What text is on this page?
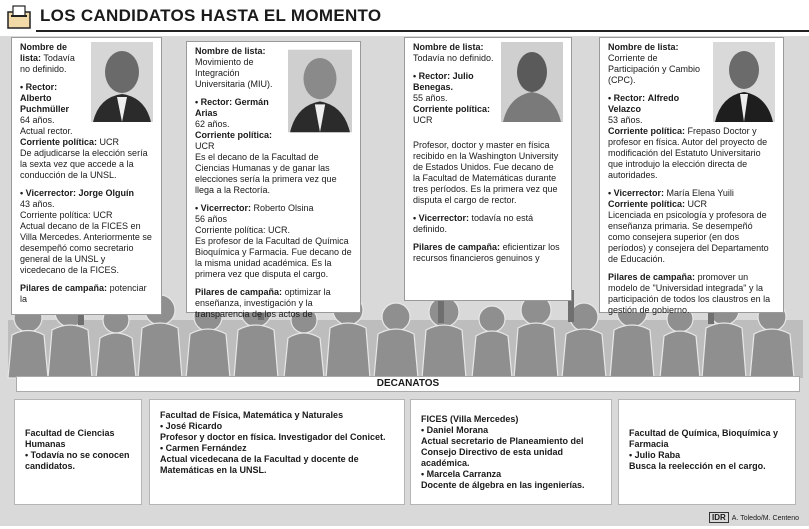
LOS CANDIDATOS HASTA EL MOMENTO

Nombre de lista: Todavía no definido.

• Rector: Alberto Puchmüller
64 años.
Actual rector.
Corriente política: UCR
De adjudicarse la elección sería la sexta vez que accede a la conducción de la UNSL.

• Vicerrector: Jorge Olguín
43 años.
Corriente política: UCR
Actual decano de la FICES en Villa Mercedes. Anteriormente se desempeñó como secretario general de la UNSL y vicedecano de la FICES.

Pilares de campaña: potenciar la

Nombre de lista:
Movimiento de Integración Universitaria (MIU).

• Rector: Germán Arias
62 años.
Corriente política: UCR
Es el decano de la Facultad de Ciencias Humanas y de ganar las elecciones sería la primera vez que llega a la Rectoría.

• Vicerrector: Roberto Olsina
56 años
Corriente política: UCR.
Es profesor de la Facultad de Química Bioquímica y Farmacia. Fue decano de la misma unidad académica. Es la primera vez que disputa el cargo.

Pilares de campaña: optimizar la enseñanza, investigación y la transparencia de los actos de

Nombre de lista:
Todavía no definido.

• Rector: Julio Benegas.
55 años.
Corriente política:
UCR

Profesor, doctor y master en física recibido en la Washington University de Estados Unidos. Fue decano de la Facultad de Matemáticas durante tres períodos. Es la primera vez que disputa el cargo de rector.

• Vicerrector: todavía no está definido.

Pilares de campaña: eficientizar los recursos financieros genuinos y

Nombre de lista: Corriente de Participación y Cambio (CPC).

• Rector: Alfredo Velazco
53 años.
Corriente política: Frepaso Doctor y profesor en física. Autor del proyecto de modificación del Estatuto Universitario que introdujo la elección directa de autoridades.

• Vicerrector: María Elena Yuili
Corriente política: UCR
Licenciada en psicología y profesora de enseñanza primaria. Se desempeñó como consejera superior (en dos períodos) y consejera del Departamento de Educación.

Pilares de campaña: promover un modelo de "Universidad integrada" y la participación de todos los claustros en la gestión de gobierno.

DECANATOS

Facultad de Ciencias Humanas

• Todavía no se conocen candidatos.

Facultad de Física, Matemática y Naturales

• José Ricardo

Profesor y doctor en física. Investigador del Conicet.

• Carmen Fernández

Actual vicedecana de la Facultad y docente de Matemáticas en la UNSL.

FICES (Villa Mercedes)

• Daniel Morana

Actual secretario de Planeamiento del Consejo Directivo de esta unidad académica.

• Marcela Carranza

Docente de álgebra en las ingenierías.

Facultad de Química, Bioquímica y Farmacia

• Julio Raba

Busca la reelección en el cargo.

IDR A. Toledo/M. Centeno
